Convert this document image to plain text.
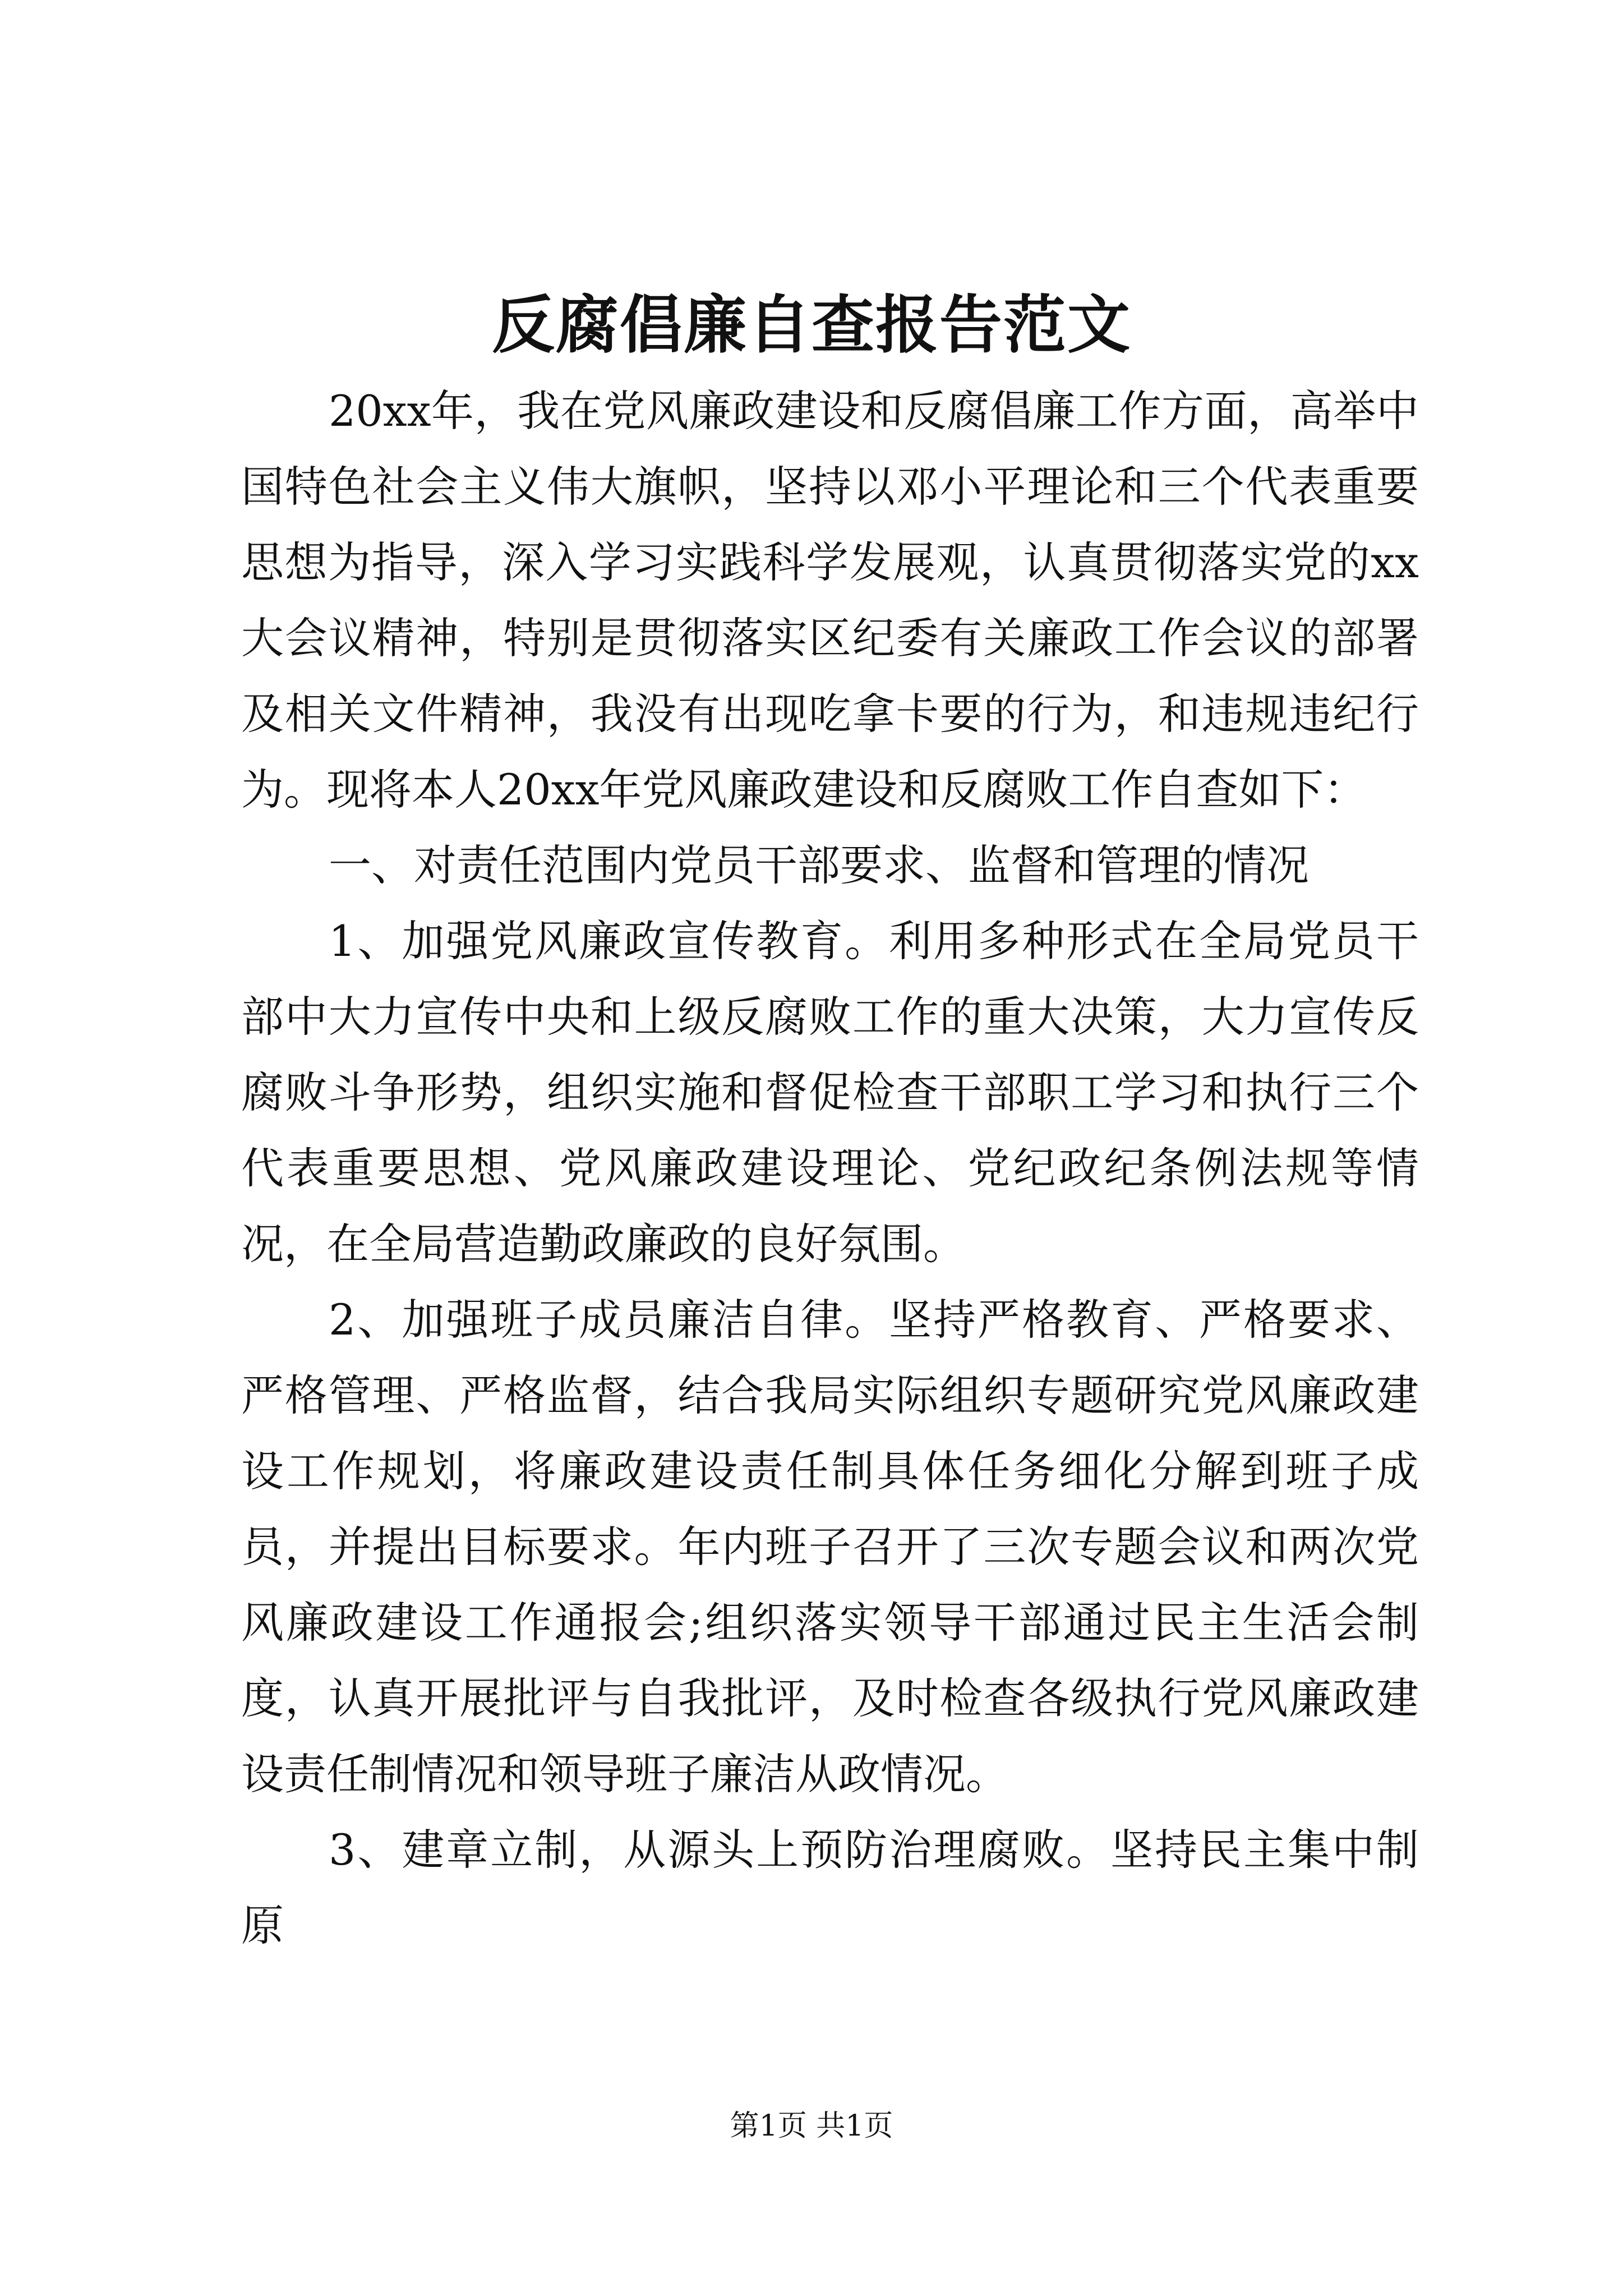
反腐倡廉自查报告范文

20xx年，我在党风廉政建设和反腐倡廉工作方面，高举中国特色社会主义伟大旗帜，坚持以邓小平理论和三个代表重要思想为指导，深入学习实践科学发展观，认真贯彻落实党的xx大会议精神，特别是贯彻落实区纪委有关廉政工作会议的部署及相关文件精神，我没有出现吃拿卡要的行为，和违规违纪行为。现将本人20xx年党风廉政建设和反腐败工作自查如下：

一、对责任范围内党员干部要求、监督和管理的情况

1、加强党风廉政宣传教育。利用多种形式在全局党员干部中大力宣传中央和上级反腐败工作的重大决策，大力宣传反腐败斗争形势，组织实施和督促检查干部职工学习和执行三个代表重要思想、党风廉政建设理论、党纪政纪条例法规等情况，在全局营造勤政廉政的良好氛围。

2、加强班子成员廉洁自律。坚持严格教育、严格要求、严格管理、严格监督，结合我局实际组织专题研究党风廉政建设工作规划，将廉政建设责任制具体任务细化分解到班子成员，并提出目标要求。年内班子召开了三次专题会议和两次党风廉政建设工作通报会;组织落实领导干部通过民主生活会制度，认真开展批评与自我批评，及时检查各级执行党风廉政建设责任制情况和领导班子廉洁从政情况。

3、建章立制，从源头上预防治理腐败。坚持民主集中制原

第1页 共1页
